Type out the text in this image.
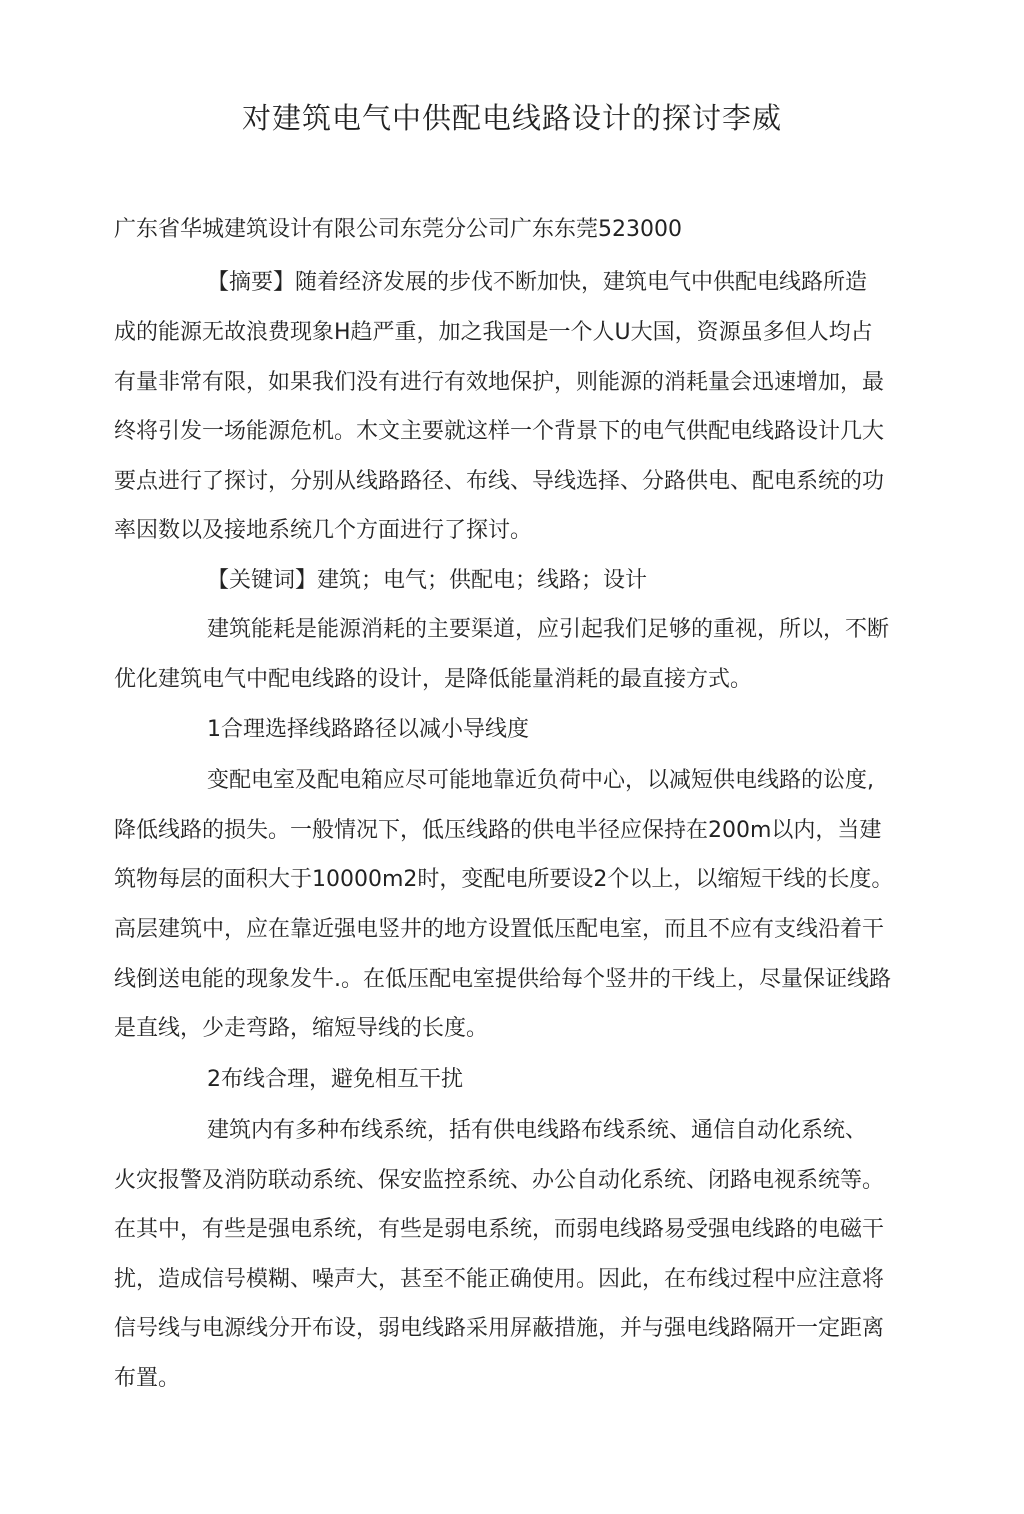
对建筑电气中供配电线路设计的探讨李威
广东省华城建筑设计有限公司东莞分公司广东东莞523000
【摘要】随着经济发展的步伐不断加快，建筑电气中供配电线路所造
成的能源无故浪费现象H趋严重，加之我国是一个人U大国，资源虽多但人均占
有量非常有限，如果我们没有进行有效地保护，则能源的消耗量会迅速增加，最
终将引发一场能源危机。木文主要就这样一个背景下的电气供配电线路设计几大
要点进行了探讨，分别从线路路径、布线、导线选择、分路供电、配电系统的功
率因数以及接地系统几个方面进行了探讨。
【关键词】建筑；电气；供配电；线路；设计
建筑能耗是能源消耗的主要渠道，应引起我们足够的重视，所以，不断
优化建筑电气中配电线路的设计，是降低能量消耗的最直接方式。
1合理选择线路路径以减小导线度
变配电室及配电箱应尽可能地靠近负荷中心，以减短供电线路的讼度,
降低线路的损失。一般情况下，低压线路的供电半径应保持在200m以内，当建
筑物每层的面积大于10000m2时，变配电所要设2个以上，以缩短干线的长度。
高层建筑中，应在靠近强电竖井的地方设置低压配电室，而且不应有支线沿着干
线倒送电能的现象发牛.。在低压配电室提供给每个竖井的干线上，尽量保证线路
是直线，少走弯路，缩短导线的长度。
2布线合理，避免相互干扰
建筑内有多种布线系统，括有供电线路布线系统、通信自动化系统、
火灾报警及消防联动系统、保安监控系统、办公自动化系统、闭路电视系统等。
在其中，有些是强电系统，有些是弱电系统，而弱电线路易受强电线路的电磁干
扰，造成信号模糊、噪声大，甚至不能正确使用。因此，在布线过程中应注意将
信号线与电源线分开布设，弱电线路采用屏蔽措施，并与强电线路隔开一定距离
布置。
